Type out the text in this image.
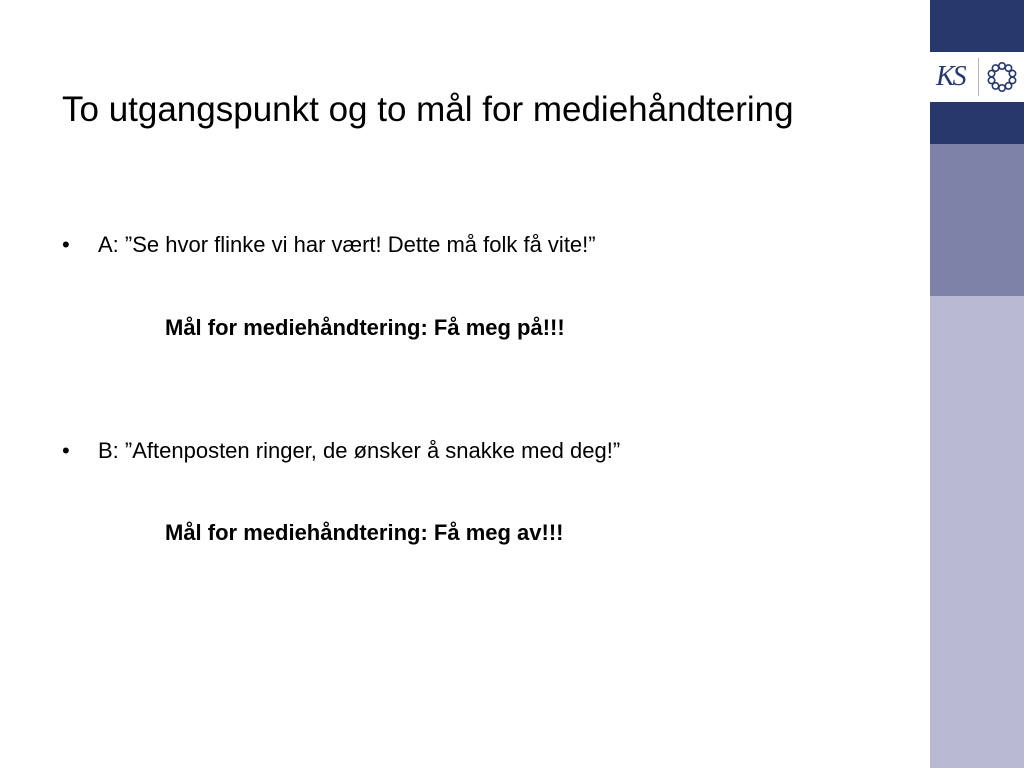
To utgangspunkt og to mål for mediehåndtering
• A: ”Se hvor flinke vi har vært! Dette må folk få vite!”
Mål for mediehåndtering: Få meg på!!!
• B: ”Aftenposten ringer, de ønsker å snakke med deg!”
Mål for mediehåndtering: Få meg av!!!
KS
